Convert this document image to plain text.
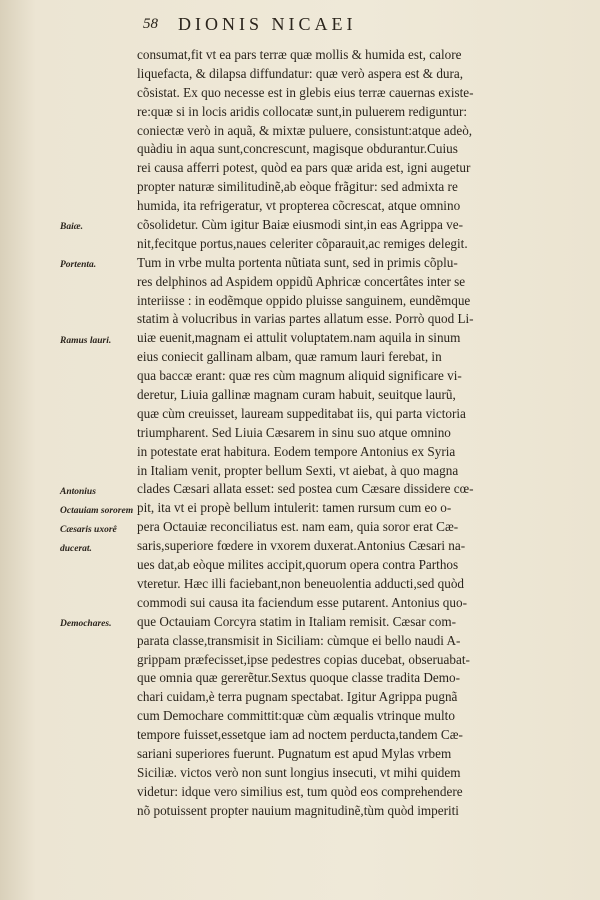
58 DIONIS NICAEI
Baiæ.
Portenta.
Ramus lauri.
Antonius Octauiam sororem Cæsaris uxorê ducerat.
Demochares.
consumat,fit vt ea pars terræ quæ mollis & humida est, calore
liquefacta, & dilapsa diffundatur: quæ verò aspera est & dura,
cõsistat. Ex quo necesse est in glebis eius terræ cauernas existe-
re:quæ si in locis aridis collocatæ sunt,in puluerem rediguntur:
coniectæ verò in aquã, & mixtæ puluere, consistunt:atque adeò,
quàdiu in aqua sunt,concrescunt, magisque obdurantur.Cuius
rei causa afferri potest, quòd ea pars quæ arida est, igni augetur
propter naturæ similitudinẽ,ab eòque frãgitur: sed admixta re
humida, ita refrigeratur, vt propterea cõcrescat, atque omnino
cõsolidetur. Cùm igitur Baiæ eiusmodi sint,in eas Agrippa ve-
nit,fecitque portus,naues celeriter cõparauit,ac remiges delegit.
Tum in vrbe multa portenta nũtiata sunt, sed in primis cõplu-
res delphinos ad Aspidem oppidũ Aphricæ concertâtes inter se
interiisse : in eodẽmque oppido pluisse sanguinem, eundẽmque
statim à volucribus in varias partes allatum esse. Porrò quod Li-
uiæ euenit,magnam ei attulit voluptatem.nam aquila in sinum
eius coniecit gallinam albam, quæ ramum lauri ferebat, in
qua baccæ erant: quæ res cùm magnum aliquid significare vi-
deretur, Liuia gallinæ magnam curam habuit, seuitque laurũ,
quæ cùm creuisset, lauream suppeditabat iis, qui parta victoria
triumpharent. Sed Liuia Cæsarem in sinu suo atque omnino
in potestate erat habitura. Eodem tempore Antonius ex Syria
in Italiam venit, propter bellum Sexti, vt aiebat, à quo magna
clades Cæsari allata esset: sed postea cum Cæsare dissidere cœ-
pit, ita vt ei propè bellum intulerit: tamen rursum cum eo o-
pera Octauiæ reconciliatus est. nam eam, quia soror erat Cæ-
saris,superiore fœdere in vxorem duxerat.Antonius Cæsari na-
ues dat,ab eòque milites accipit,quorum opera contra Parthos
vteretur. Hæc illi faciebant,non beneuolentia adducti,sed quòd
commodi sui causa ita faciendum esse putarent. Antonius quo-
que Octauiam Corcyra statim in Italiam remisit. Cæsar com-
parata classe,transmisit in Siciliam: cùmque ei bello naudi A-
grippam præfecisset,ipse pedestres copias ducebat, obseruabat-
que omnia quæ gererẽtur.Sextus quoque classe tradita Demo-
chari cuidam,è terra pugnam spectabat. Igitur Agrippa pugnã
cum Demochare committit:quæ cùm æqualis vtrinque multo
tempore fuisset,essetque iam ad noctem perducta,tandem Cæ-
sariani superiores fuerunt. Pugnatum est apud Mylas vrbem
Siciliæ. victos verò non sunt longius insecuti, vt mihi quidem
videtur: idque vero similius est, tum quòd eos comprehendere
nõ potuissent propter nauium magnitudinẽ,tùm quòd imperiti
